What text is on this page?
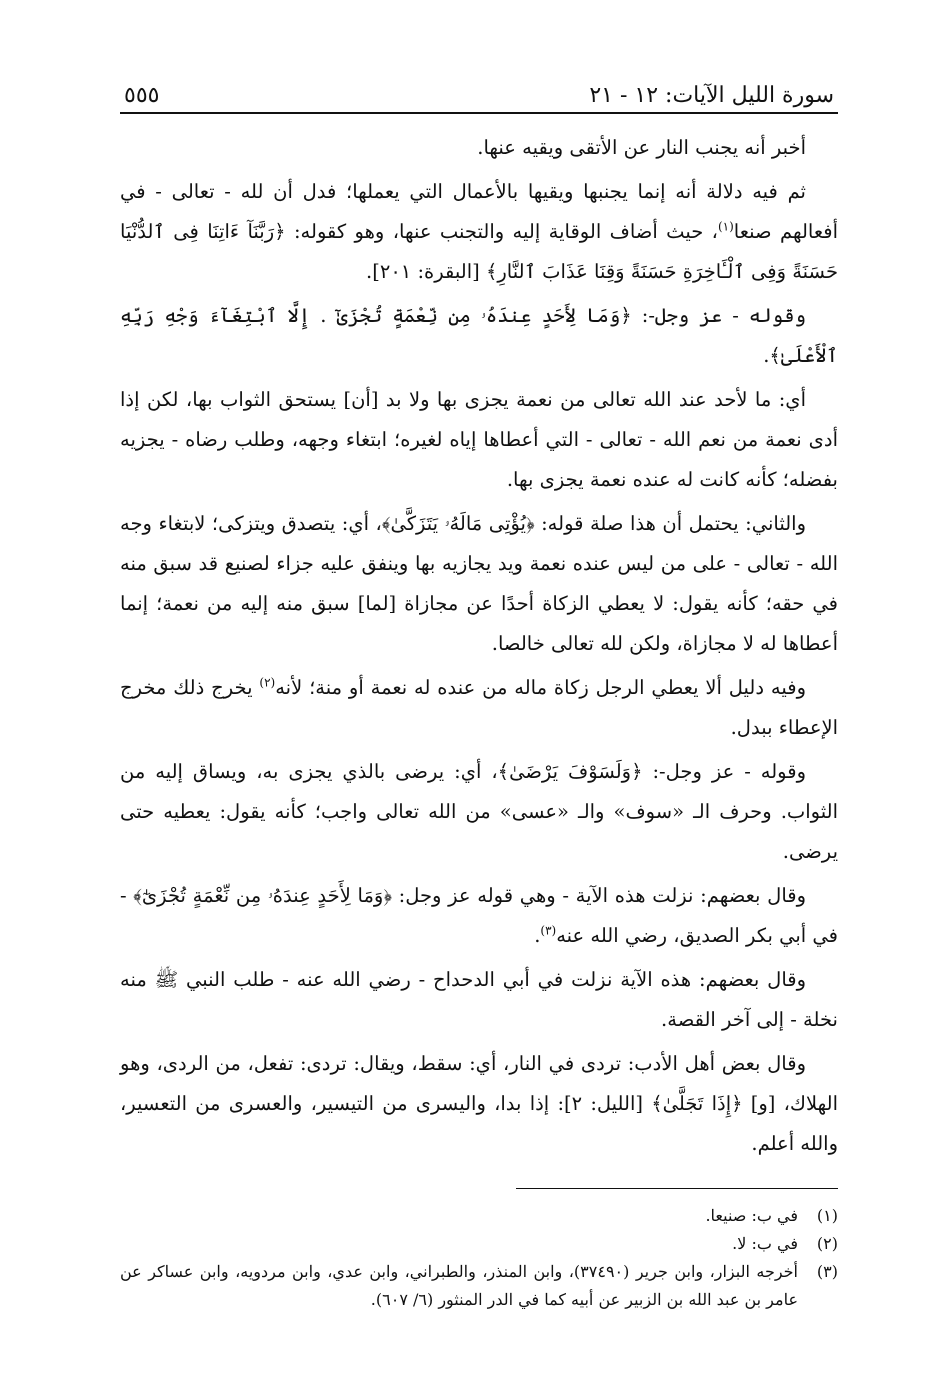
سورة الليل الآيات: ١٢ - ٢١
٥٥٥

أخبر أنه يجنب النار عن الأتقى ويقيه عنها.

ثم فيه دلالة أنه إنما يجنبها ويقيها بالأعمال التي يعملها؛ فدل أن لله - تعالى - في أفعالهم صنعا$^{(١)}$، حيث أضاف الوقاية إليه والتجنب عنها، وهو كقوله: ﴿رَبَّنَآ ءَاتِنَا فِى ٱلدُّنْيَا حَسَنَةً وَفِى ٱلْـَٔاخِرَةِ حَسَنَةً وَقِنَا عَذَابَ ٱلنَّارِ﴾ [البقرة: ٢٠١].

وقوله - عز وجل-: ﴿وَمَا لِأَحَدٍ عِندَهُۥ مِن نِّعْمَةٍ تُجْزَىٰٓ . إِلَّا ٱبْتِغَآءَ وَجْهِ رَبِّهِ ٱلْأَعْلَىٰ﴾.

أي: ما لأحد عند الله تعالى من نعمة يجزى بها ولا بد [أن] يستحق الثواب بها، لكن إذا أدى نعمة من نعم الله - تعالى - التي أعطاها إياه لغيره؛ ابتغاء وجهه، وطلب رضاه - يجزيه بفضله؛ كأنه كانت له عنده نعمة يجزى بها.

والثاني: يحتمل أن هذا صلة قوله: ﴿يُؤْتِى مَالَهُۥ يَتَزَكَّىٰ﴾، أي: يتصدق ويتزكى؛ لابتغاء وجه الله - تعالى - على من ليس عنده نعمة ويد يجازيه بها وينفق عليه جزاء لصنيع قد سبق منه في حقه؛ كأنه يقول: لا يعطي الزكاة أحدًا عن مجازاة [لما] سبق منه إليه من نعمة؛ إنما أعطاها له لا مجازاة، ولكن لله تعالى خالصا.

وفيه دليل ألا يعطي الرجل زكاة ماله من عنده له نعمة أو منة؛ لأنه$^{(٢)}$ يخرج ذلك مخرج الإعطاء ببدل.

وقوله - عز وجل-: ﴿وَلَسَوْفَ يَرْضَىٰ﴾، أي: يرضى بالذي يجزى به، ويساق إليه من الثواب. وحرف الـ «سوف» والـ «عسى» من الله تعالى واجب؛ كأنه يقول: يعطيه حتى يرضى.

وقال بعضهم: نزلت هذه الآية - وهي قوله عز وجل: ﴿وَمَا لِأَحَدٍ عِندَهُۥ مِن نِّعْمَةٍ تُجْزَىٰٓ﴾ - في أبي بكر الصديق، رضي الله عنه$^{(٣)}$.

وقال بعضهم: هذه الآية نزلت في أبي الدحداح - رضي الله عنه - طلب النبي ﷺ منه نخلة - إلى آخر القصة.

وقال بعض أهل الأدب: تردى في النار، أي: سقط، ويقال: تردى: تفعل، من الردى، وهو الهلاك، [و] ﴿إِذَا تَجَلَّىٰ﴾ [الليل: ٢]: إذا بدا، واليسرى من التيسير، والعسرى من التعسير، والله أعلم.

(١)
في ب: صنيعا.
(٢)
في ب: لا.
(٣)
أخرجه البزار، وابن جرير (٣٧٤٩٠)، وابن المنذر، والطبراني، وابن عدي، وابن مردويه، وابن عساكر عن عامر بن عبد الله بن الزبير عن أبيه كما في الدر المنثور (٦/ ٦٠٧).
